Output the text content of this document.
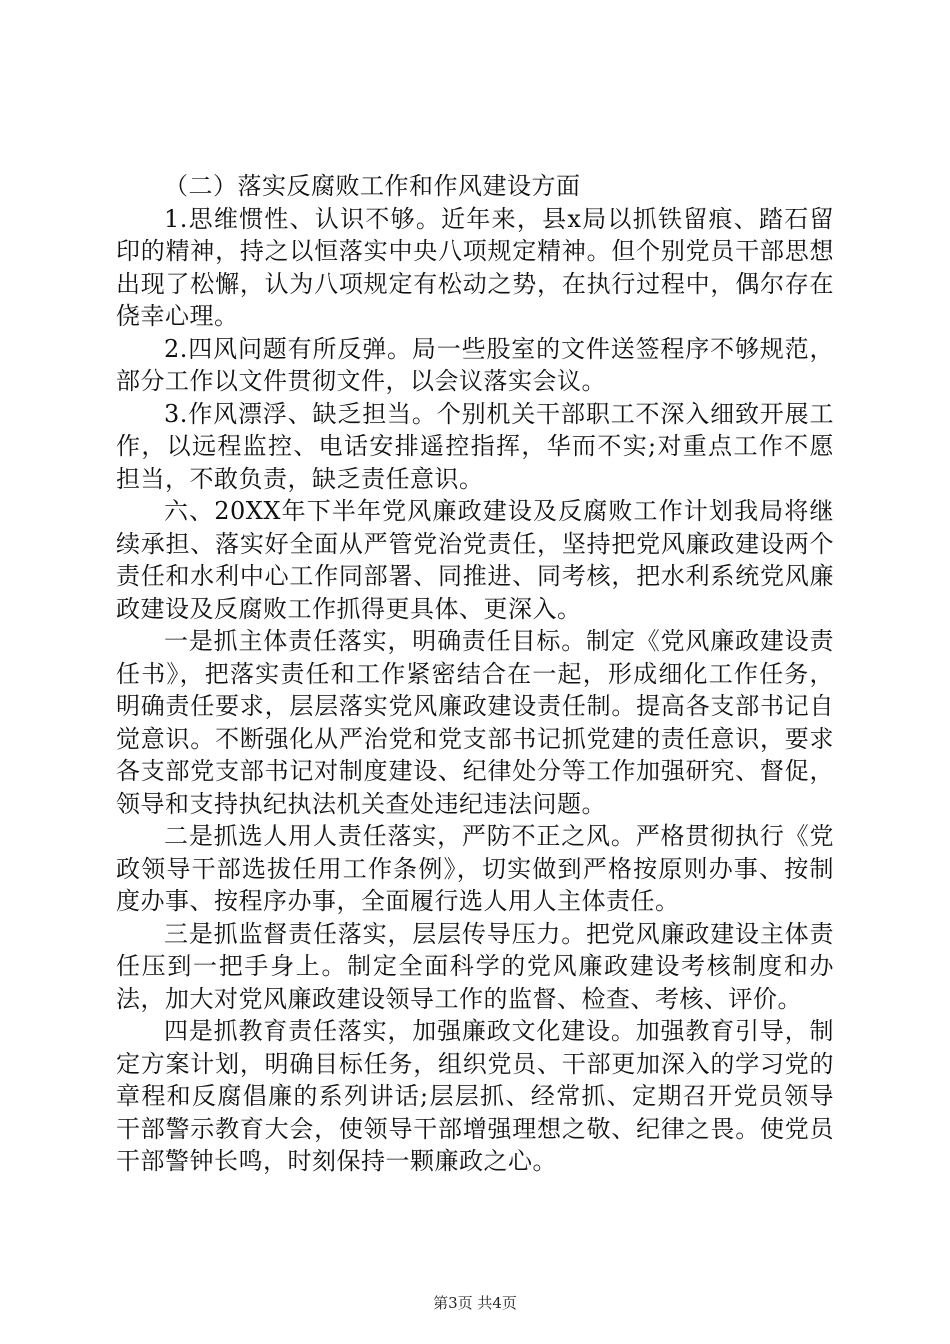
（二）落实反腐败工作和作风建设方面

1.思维惯性、认识不够。近年来，县x局以抓铁留痕、踏石留印的精神，持之以恒落实中央八项规定精神。但个别党员干部思想出现了松懈，认为八项规定有松动之势，在执行过程中，偶尔存在侥幸心理。

2.四风问题有所反弹。局一些股室的文件送签程序不够规范，部分工作以文件贯彻文件，以会议落实会议。

3.作风漂浮、缺乏担当。个别机关干部职工不深入细致开展工作，以远程监控、电话安排遥控指挥，华而不实;对重点工作不愿担当，不敢负责，缺乏责任意识。

六、20XX年下半年党风廉政建设及反腐败工作计划我局将继续承担、落实好全面从严管党治党责任，坚持把党风廉政建设两个责任和水利中心工作同部署、同推进、同考核，把水利系统党风廉政建设及反腐败工作抓得更具体、更深入。

一是抓主体责任落实，明确责任目标。制定《党风廉政建设责任书》，把落实责任和工作紧密结合在一起，形成细化工作任务，明确责任要求，层层落实党风廉政建设责任制。提高各支部书记自觉意识。不断强化从严治党和党支部书记抓党建的责任意识，要求各支部党支部书记对制度建设、纪律处分等工作加强研究、督促，领导和支持执纪执法机关查处违纪违法问题。

二是抓选人用人责任落实，严防不正之风。严格贯彻执行《党政领导干部选拔任用工作条例》，切实做到严格按原则办事、按制度办事、按程序办事，全面履行选人用人主体责任。

三是抓监督责任落实，层层传导压力。把党风廉政建设主体责任压到一把手身上。制定全面科学的党风廉政建设考核制度和办法，加大对党风廉政建设领导工作的监督、检查、考核、评价。

四是抓教育责任落实，加强廉政文化建设。加强教育引导，制定方案计划，明确目标任务，组织党员、干部更加深入的学习党的章程和反腐倡廉的系列讲话;层层抓、经常抓、定期召开党员领导干部警示教育大会，使领导干部增强理想之敬、纪律之畏。使党员干部警钟长鸣，时刻保持一颗廉政之心。

第3页 共4页
